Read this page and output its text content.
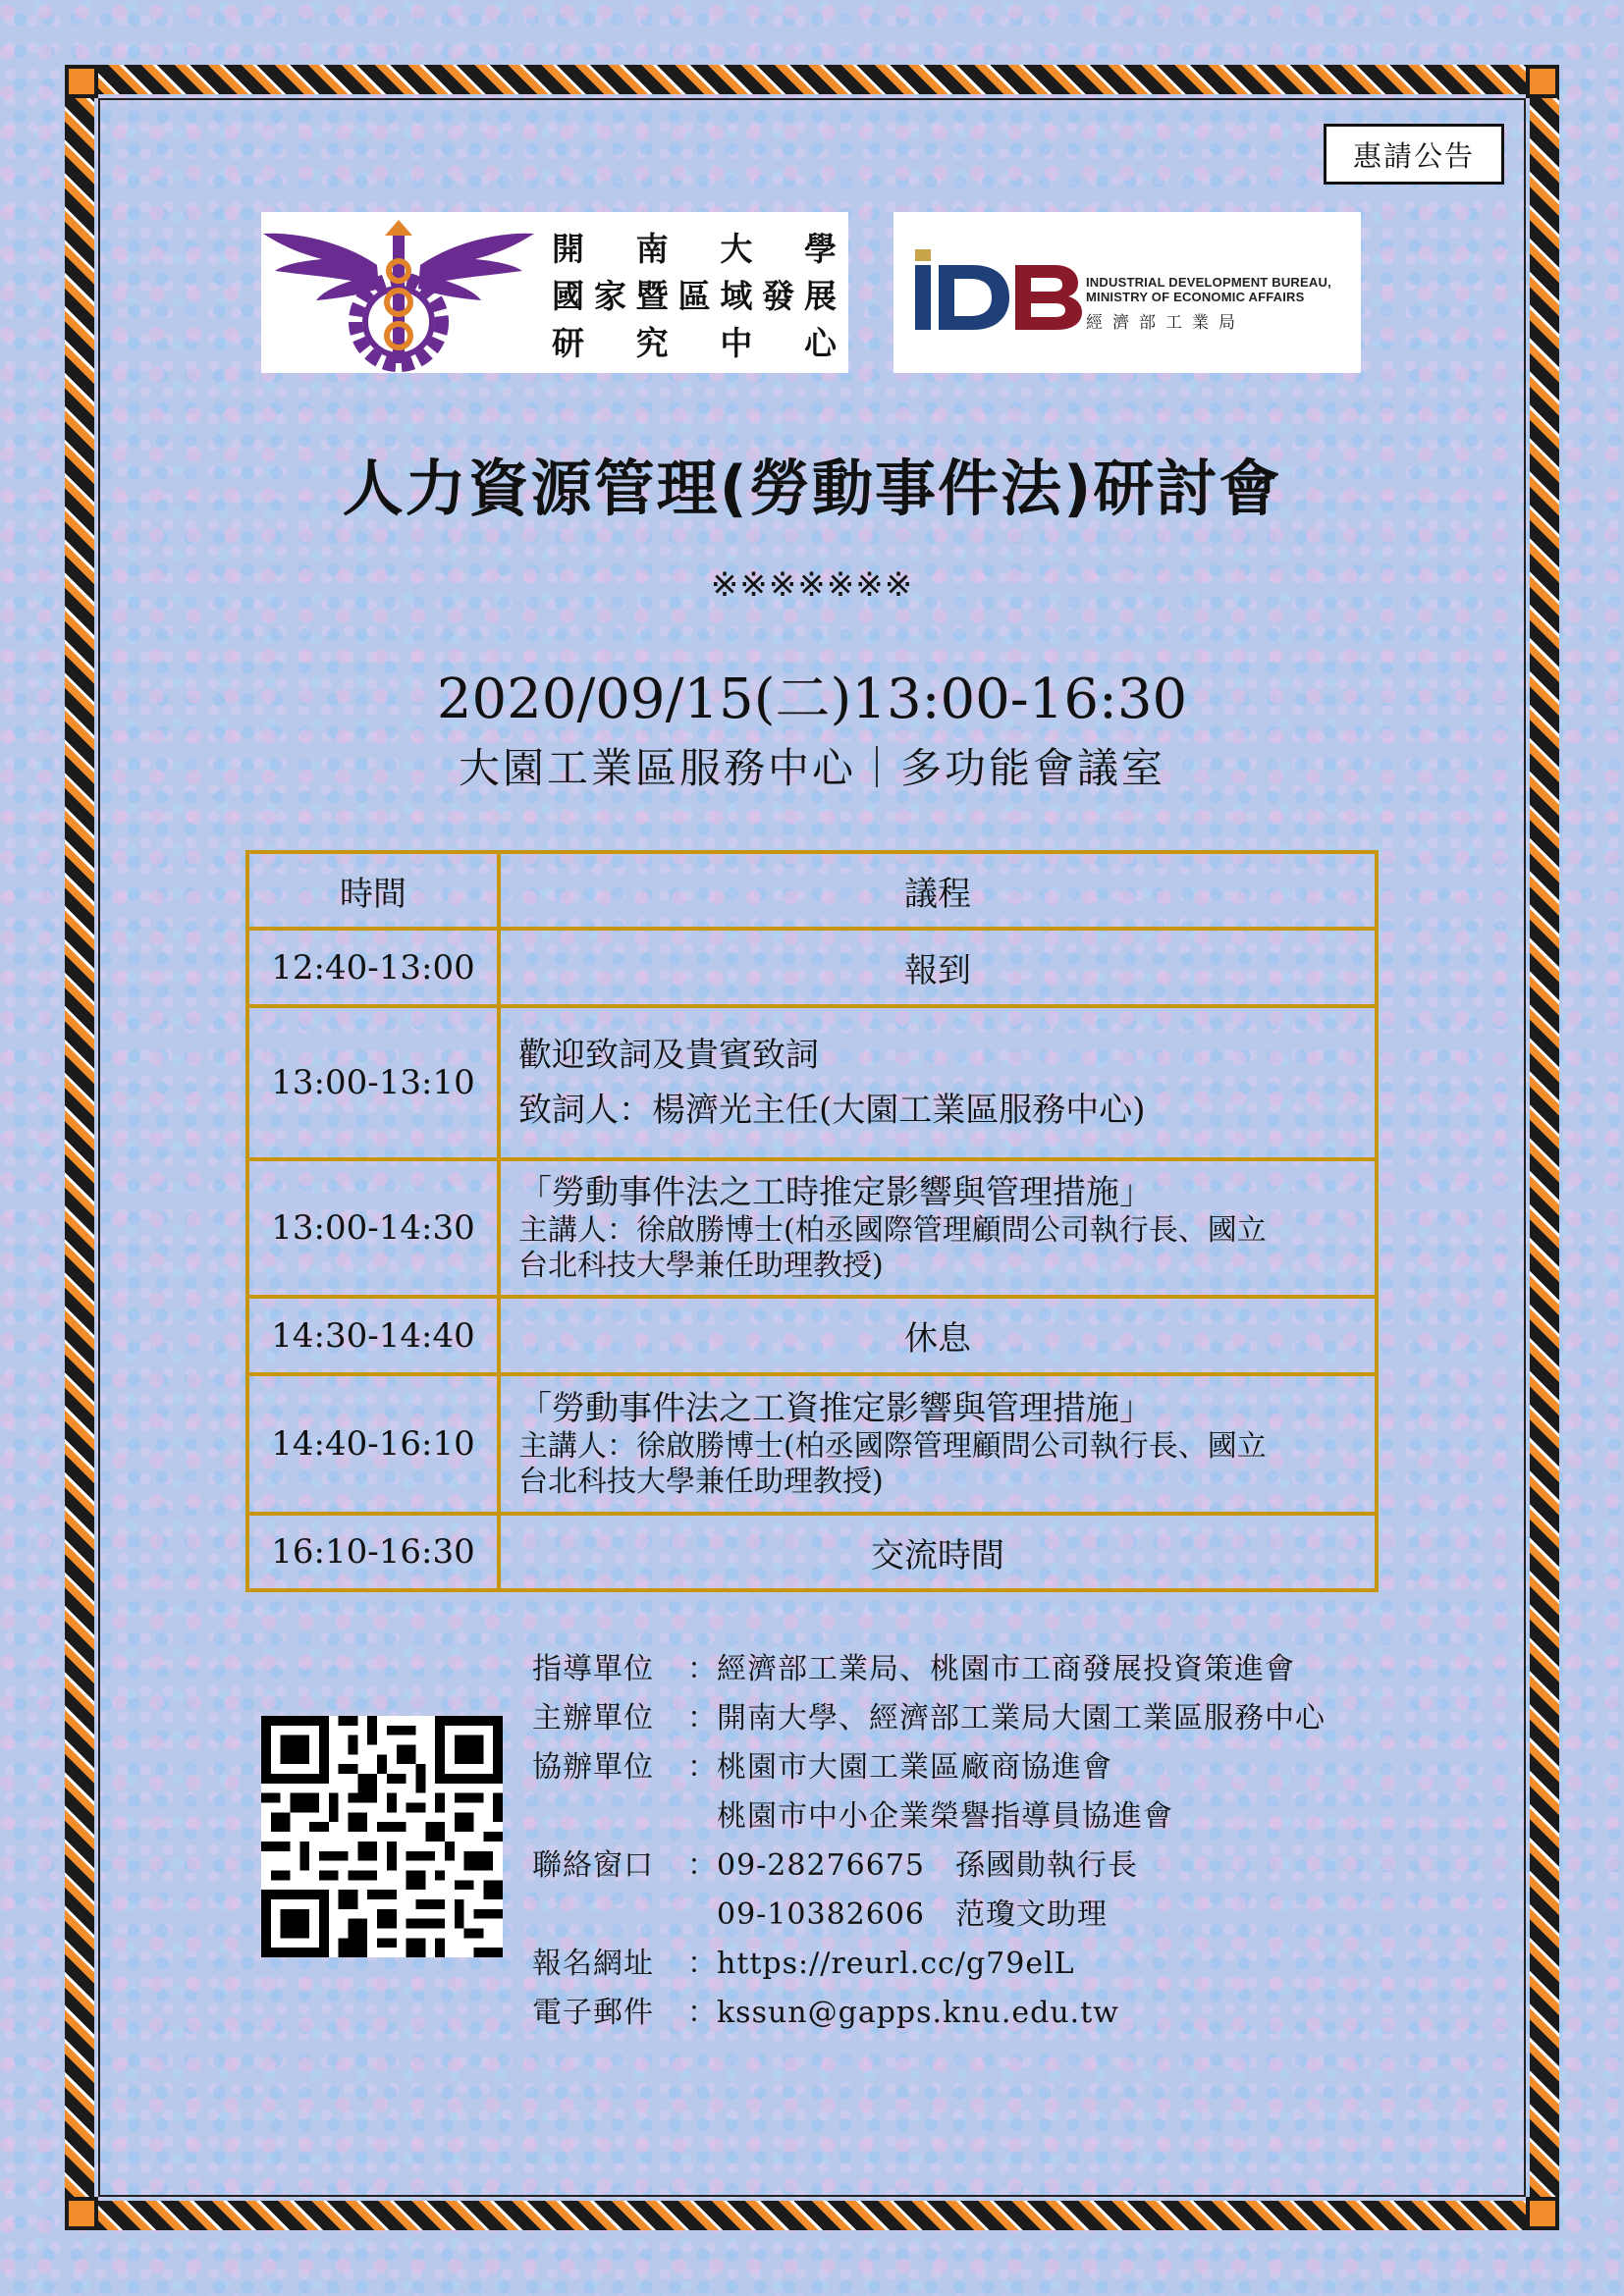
惠請公告
開　南　大　學
國家暨區域發展
研　究　中　心
INDUSTRIAL DEVELOPMENT BUREAU,
MINISTRY OF ECONOMIC AFFAIRS
經濟部工業局
人力資源管理(勞動事件法)研討會
※※※※※※※
2020/09/15(二)13:00-16:30
大園工業區服務中心｜多功能會議室
時間	議程
12:40-13:00	報到
13:00-13:10	歡迎致詞及貴賓致詞
致詞人：楊濟光主任(大園工業區服務中心)

13:00-14:30	「勞動事件法之工時推定影響與管理措施」
主講人：徐啟勝博士(柏丞國際管理顧問公司執行長、國立
台北科技大學兼任助理教授)

14:30-14:40	休息
14:40-16:10	「勞動事件法之工資推定影響與管理措施」
主講人：徐啟勝博士(柏丞國際管理顧問公司執行長、國立
台北科技大學兼任助理教授)

16:10-16:30	交流時間
指導單位	： 經濟部工業局、桃園市工商發展投資策進會
主辦單位	： 開南大學、經濟部工業局大園工業區服務中心
協辦單位	： 桃園市大園工業區廠商協進會
桃園市中小企業榮譽指導員協進會
聯絡窗口	： 09-28276675　孫國勛執行長
09-10382606　范瓊文助理
報名網址	： https://reurl.cc/g79elL
電子郵件	： kssun@gapps.knu.edu.tw
